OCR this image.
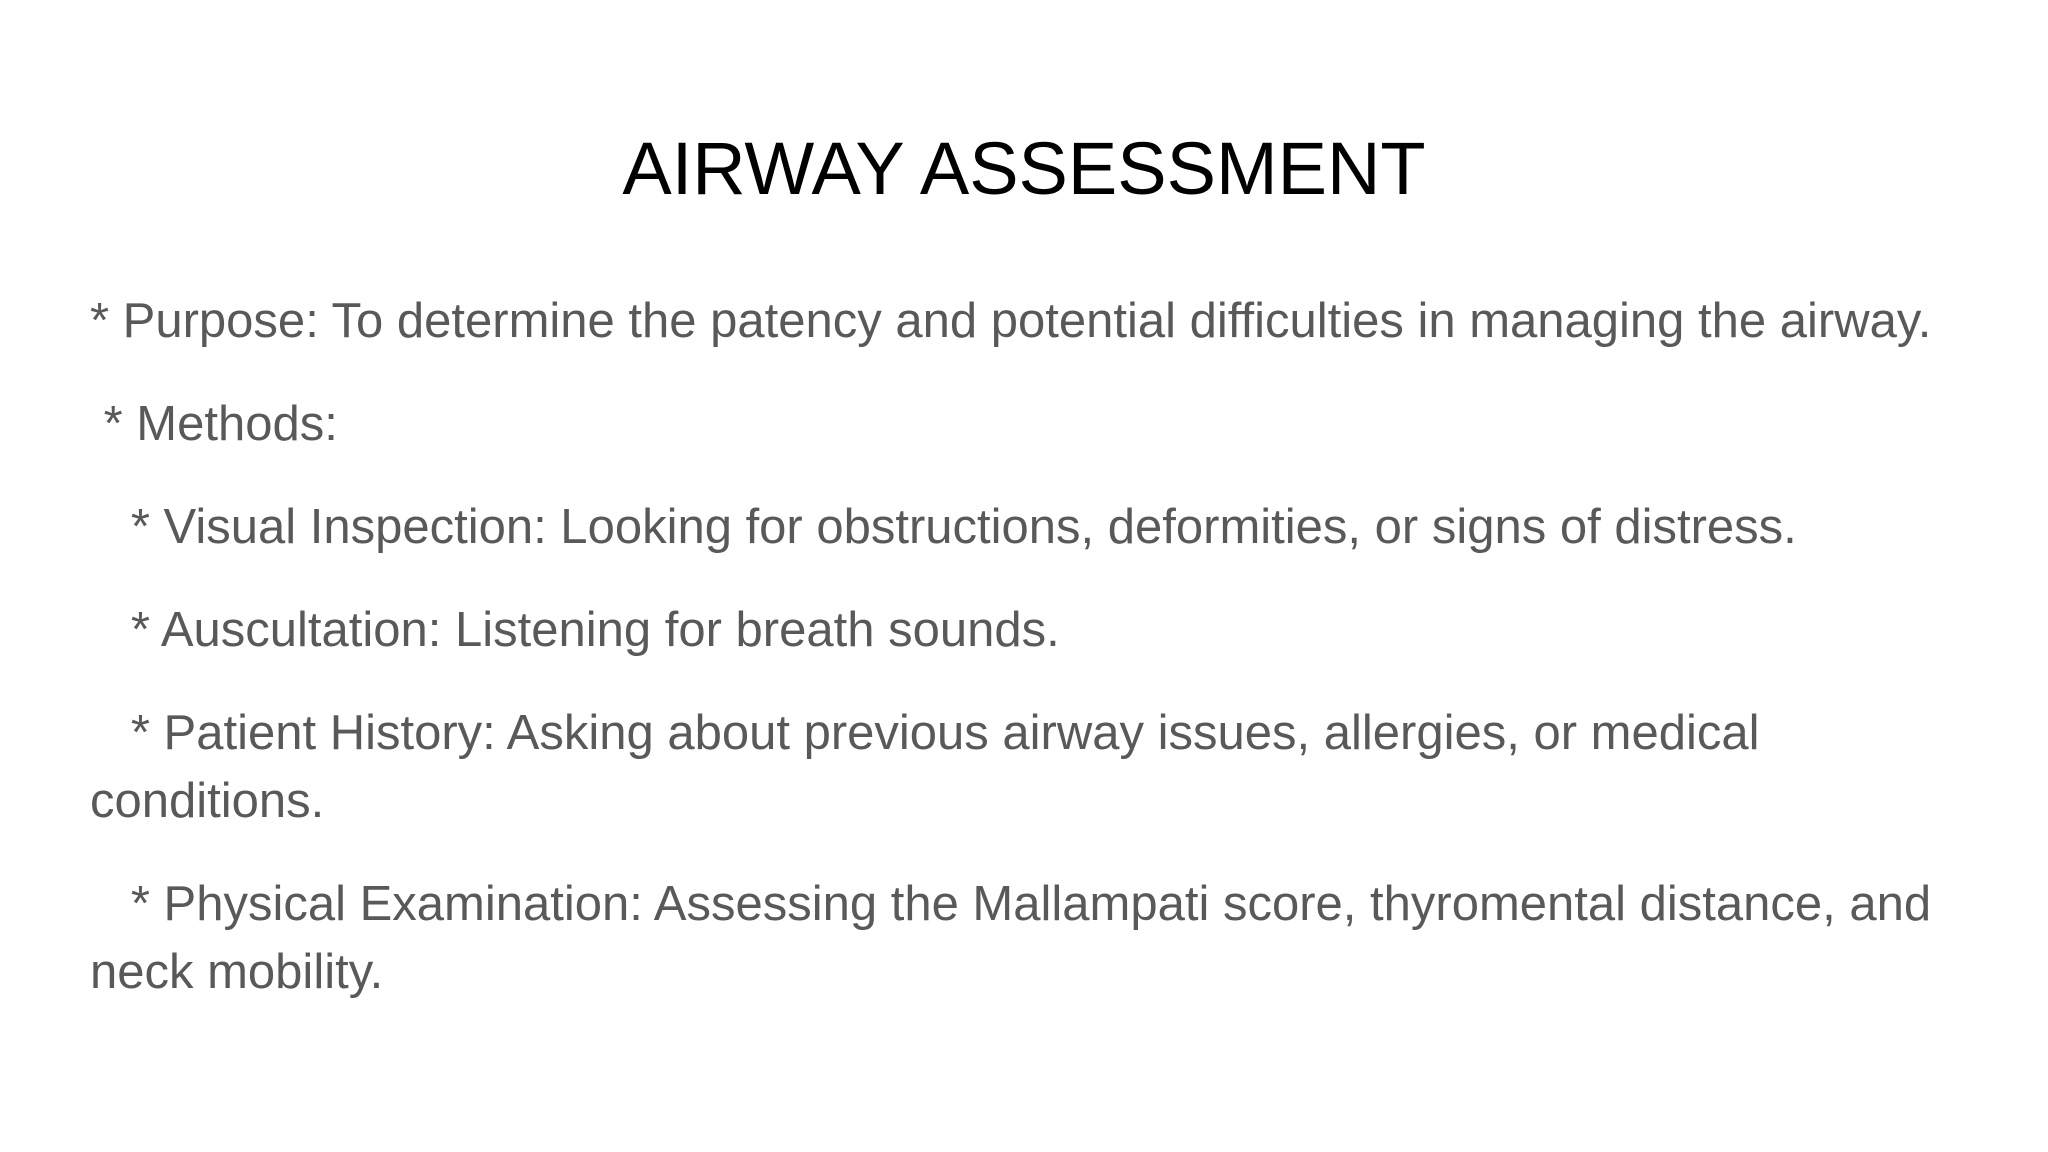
AIRWAY ASSESSMENT

* Purpose: To determine the patency and potential difficulties in managing the airway.

* Methods:

* Visual Inspection: Looking for obstructions, deformities, or signs of distress.

* Auscultation: Listening for breath sounds.

* Patient History: Asking about previous airway issues, allergies, or medical conditions.

* Physical Examination: Assessing the Mallampati score, thyromental distance, and neck mobility.
